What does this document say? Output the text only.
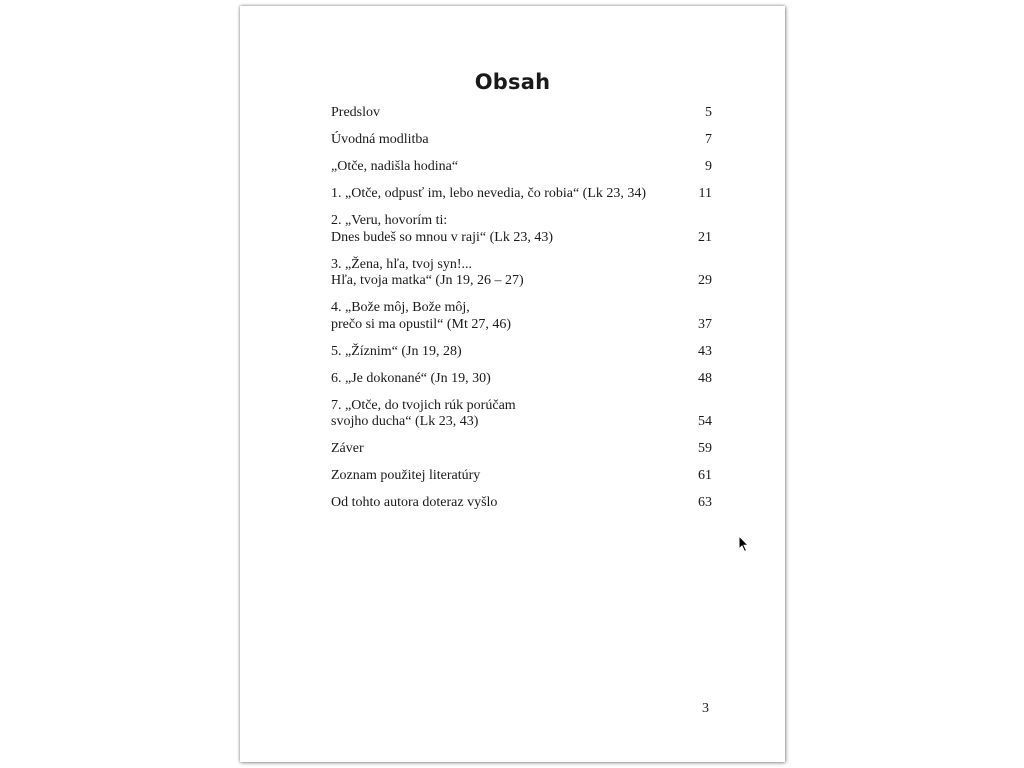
Obsah
Predslov	5
Úvodná modlitba	7
„Otče, nadišla hodina“	9
1. „Otče, odpusť im, lebo nevedia, čo robia“ (Lk 23, 34)	11
2. „Veru, hovorím ti:
Dnes budeš so mnou v raji“ (Lk 23, 43)	21
3. „Žena, hľa, tvoj syn!...
Hľa, tvoja matka“ (Jn 19, 26 – 27)	29
4. „Bože môj, Bože môj,
prečo si ma opustil“ (Mt 27, 46)	37
5. „Žíznim“ (Jn 19, 28)	43
6. „Je dokonané“ (Jn 19, 30)	48
7. „Otče, do tvojich rúk porúčam
svojho ducha“ (Lk 23, 43)	54
Záver	59
Zoznam použitej literatúry	61
Od tohto autora doteraz vyšlo	63
3
